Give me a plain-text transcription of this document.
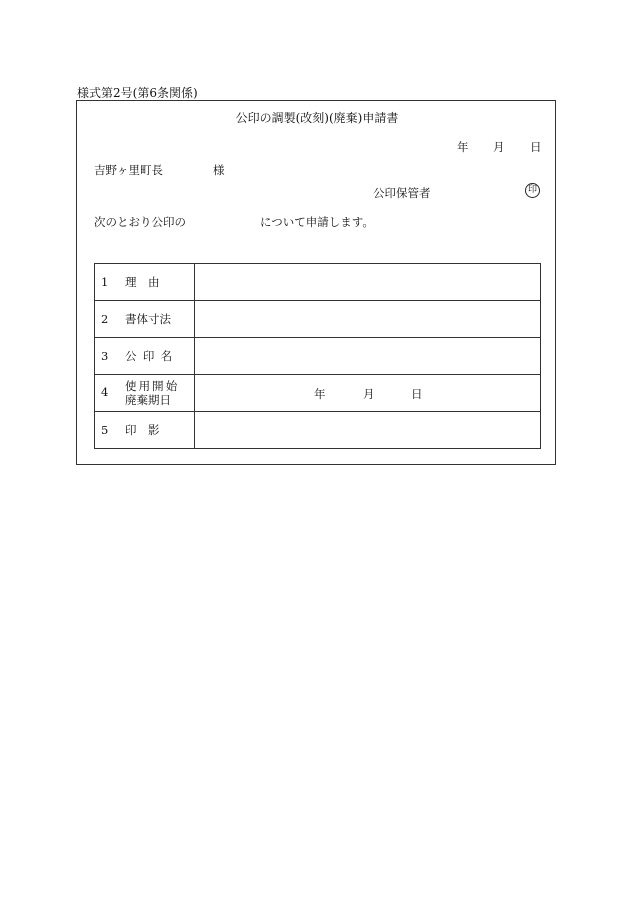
様式第2号(第6条関係)
公印の調製(改刻)(廃棄)申請書
年 月 日
吉野ヶ里町長	様
公印保管者	印
次のとおり公印の	について申請します。
1 理　由	
2 書体寸法	
3 公印名	
4 使用開始
廃棄期日	年 月 日

5 印　影	
